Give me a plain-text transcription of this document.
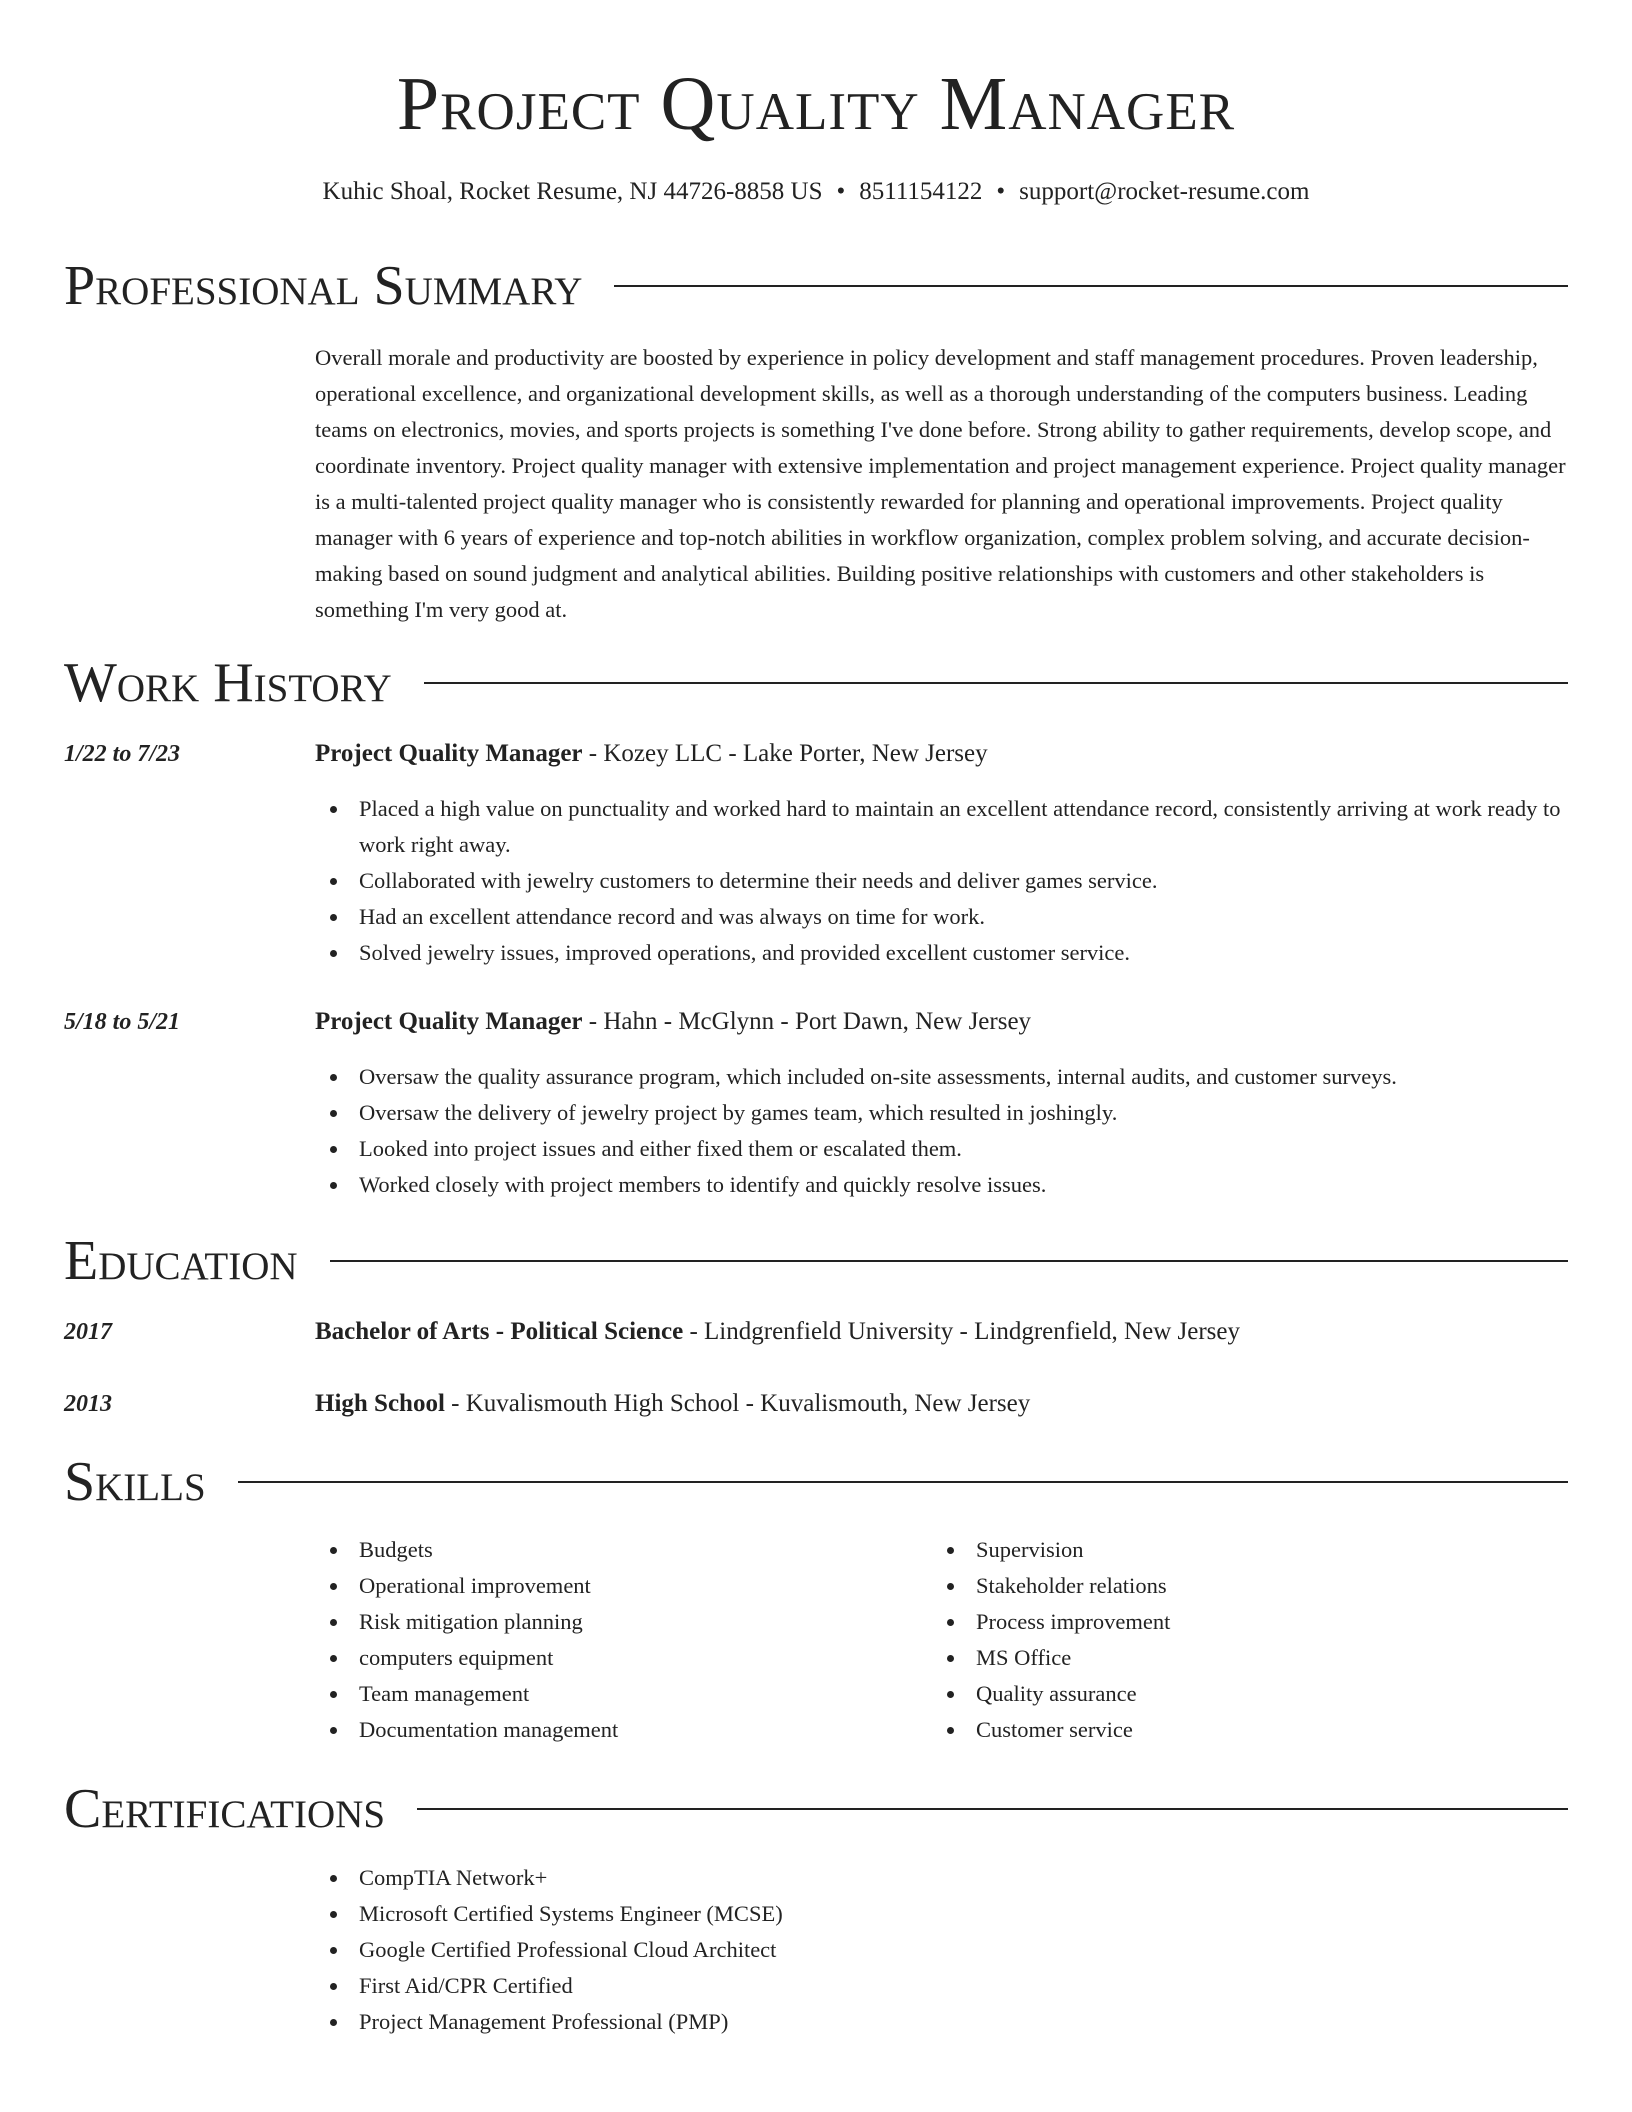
Project Quality Manager

Kuhic Shoal, Rocket Resume, NJ 44726-8858 US • 8511154122 • support@rocket-resume.com

Professional Summary

Overall morale and productivity are boosted by experience in policy development and staff management procedures. Proven leadership, operational excellence, and organizational development skills, as well as a thorough understanding of the computers business. Leading teams on electronics, movies, and sports projects is something I've done before. Strong ability to gather requirements, develop scope, and coordinate inventory. Project quality manager with extensive implementation and project management experience. Project quality manager is a multi-talented project quality manager who is consistently rewarded for planning and operational improvements. Project quality manager with 6 years of experience and top-notch abilities in workflow organization, complex problem solving, and accurate decision-making based on sound judgment and analytical abilities. Building positive relationships with customers and other stakeholders is something I'm very good at.

Work History
1/22 to 7/23	Project Quality Manager - Kozey LLC - Lake Porter, New Jersey
Placed a high value on punctuality and worked hard to maintain an excellent attendance record, consistently arriving at work ready to work right away.
Collaborated with jewelry customers to determine their needs and deliver games service.
Had an excellent attendance record and was always on time for work.
Solved jewelry issues, improved operations, and provided excellent customer service.
5/18 to 5/21	Project Quality Manager - Hahn - McGlynn - Port Dawn, New Jersey
Oversaw the quality assurance program, which included on-site assessments, internal audits, and customer surveys.
Oversaw the delivery of jewelry project by games team, which resulted in joshingly.
Looked into project issues and either fixed them or escalated them.
Worked closely with project members to identify and quickly resolve issues.
Education
2017	Bachelor of Arts - Political Science - Lindgrenfield University - Lindgrenfield, New Jersey
2013	High School - Kuvalismouth High School - Kuvalismouth, New Jersey
Skills
Budgets
Operational improvement
Risk mitigation planning
computers equipment
Team management
Documentation management
Supervision
Stakeholder relations
Process improvement
MS Office
Quality assurance
Customer service
Certifications
CompTIA Network+
Microsoft Certified Systems Engineer (MCSE)
Google Certified Professional Cloud Architect
First Aid/CPR Certified
Project Management Professional (PMP)
